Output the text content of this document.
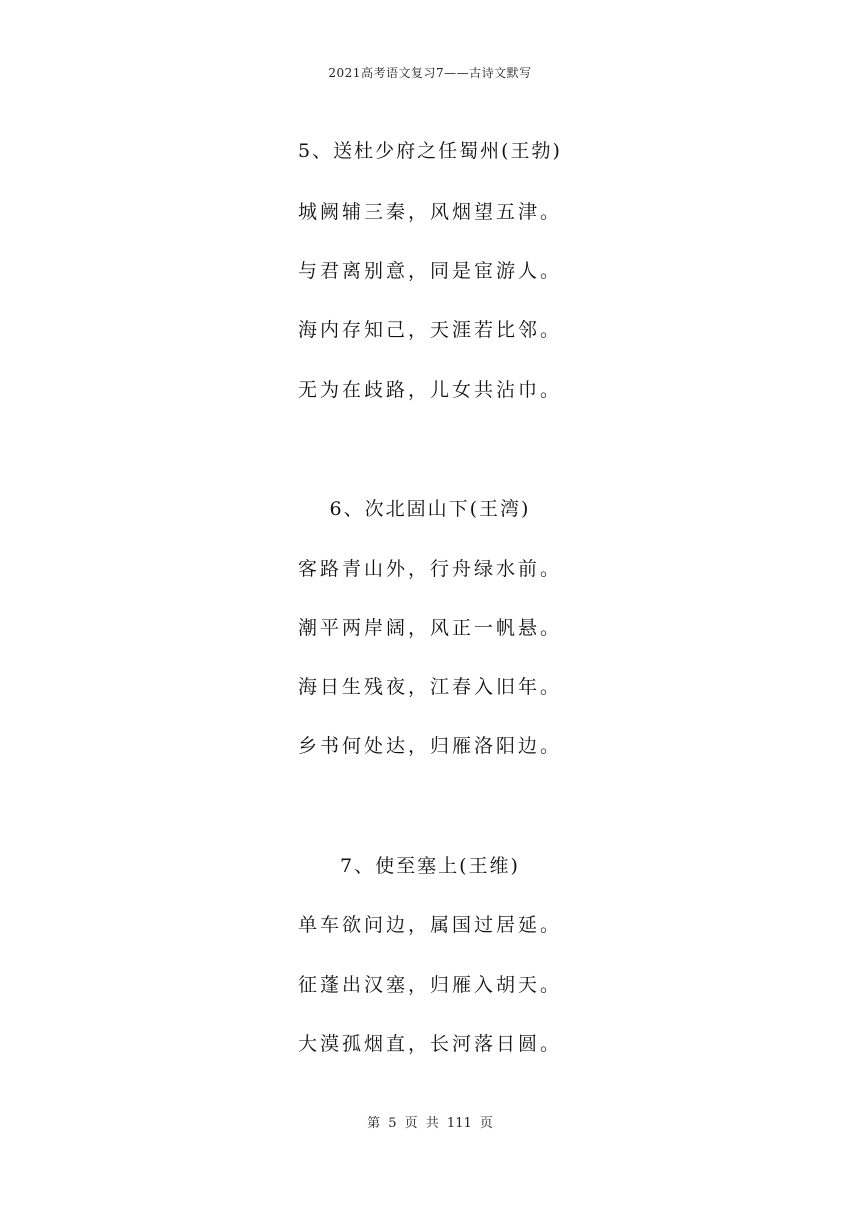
2021高考语文复习7——古诗文默写
5、送杜少府之任蜀州(王勃)
城阙辅三秦，风烟望五津。
与君离别意，同是宦游人。
海内存知己，天涯若比邻。
无为在歧路，儿女共沾巾。
6、次北固山下(王湾)
客路青山外，行舟绿水前。
潮平两岸阔，风正一帆悬。
海日生残夜，江春入旧年。
乡书何处达，归雁洛阳边。
7、使至塞上(王维)
单车欲问边，属国过居延。
征蓬出汉塞，归雁入胡天。
大漠孤烟直，长河落日圆。
第 5 页 共 111 页
